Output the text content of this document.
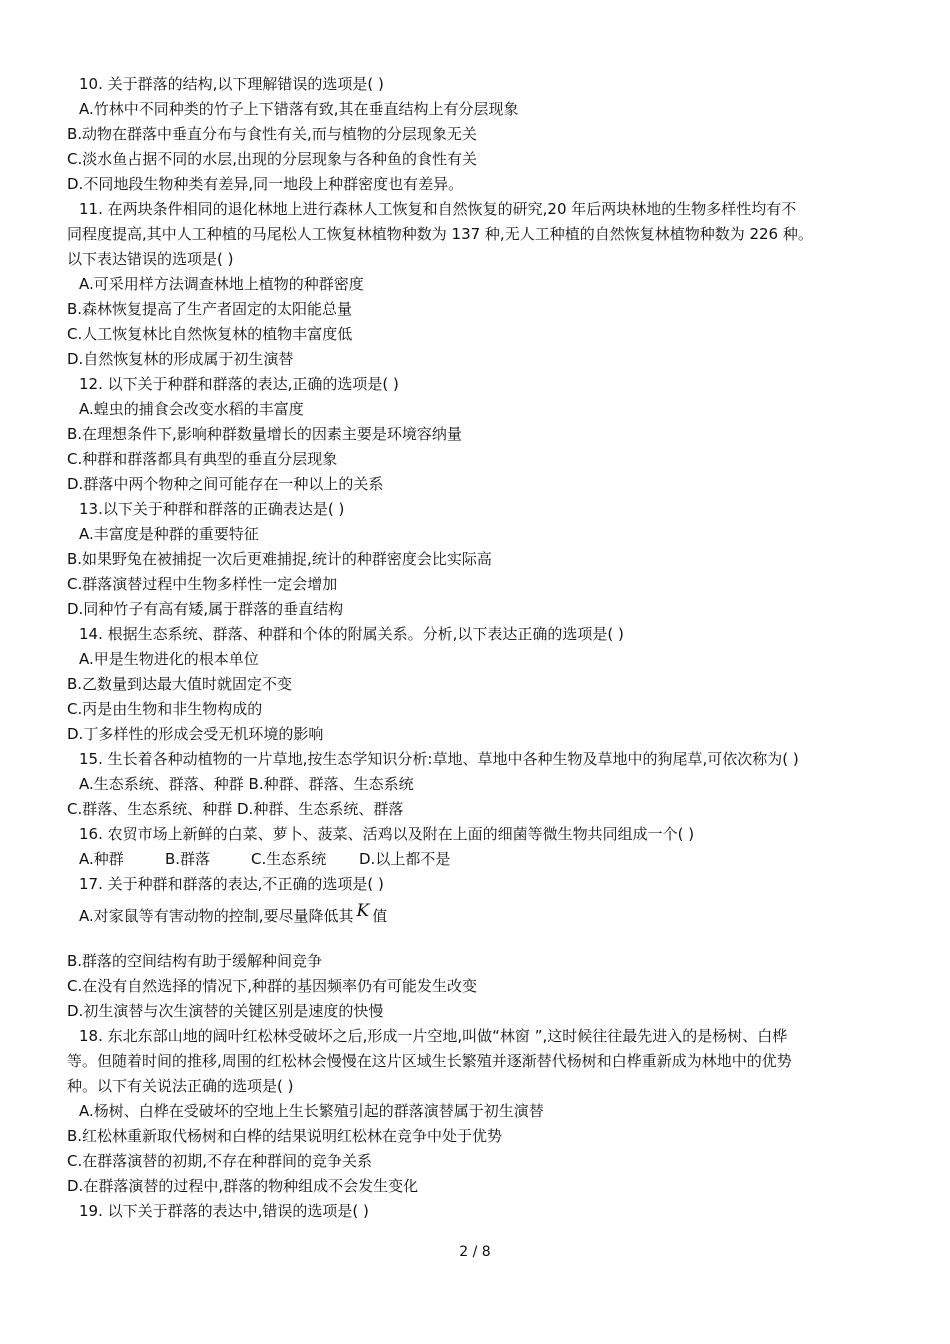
10. 关于群落的结构,以下理解错误的选项是( )
A.竹林中不同种类的竹子上下错落有致,其在垂直结构上有分层现象
B.动物在群落中垂直分布与食性有关,而与植物的分层现象无关
C.淡水鱼占据不同的水层,出现的分层现象与各种鱼的食性有关
D.不同地段生物种类有差异,同一地段上种群密度也有差异。
11. 在两块条件相同的退化林地上进行森林人工恢复和自然恢复的研究,20 年后两块林地的生物多样性均有不
同程度提高,其中人工种植的马尾松人工恢复林植物种数为 137 种,无人工种植的自然恢复林植物种数为 226 种。
以下表达错误的选项是( )
A.可采用样方法调查林地上植物的种群密度
B.森林恢复提高了生产者固定的太阳能总量
C.人工恢复林比自然恢复林的植物丰富度低
D.自然恢复林的形成属于初生演替
12. 以下关于种群和群落的表达,正确的选项是( )
A.蝗虫的捕食会改变水稻的丰富度
B.在理想条件下,影响种群数量增长的因素主要是环境容纳量
C.种群和群落都具有典型的垂直分层现象
D.群落中两个物种之间可能存在一种以上的关系
13.以下关于种群和群落的正确表达是( )
A.丰富度是种群的重要特征
B.如果野兔在被捕捉一次后更难捕捉,统计的种群密度会比实际高
C.群落演替过程中生物多样性一定会增加
D.同种竹子有高有矮,属于群落的垂直结构
14. 根据生态系统、群落、种群和个体的附属关系。分析,以下表达正确的选项是( )
A.甲是生物进化的根本单位
B.乙数量到达最大值时就固定不变
C.丙是由生物和非生物构成的
D.丁多样性的形成会受无机环境的影响
15. 生长着各种动植物的一片草地,按生态学知识分析:草地、草地中各种生物及草地中的狗尾草,可依次称为( )
A.生态系统、群落、种群 B.种群、群落、生态系统
C.群落、生态系统、种群 D.种群、生态系统、群落
16. 农贸市场上新鲜的白菜、萝卜、菠菜、活鸡以及附在上面的细菌等微生物共同组成一个( )
A.种群	B.群落	C.生态系统 D.以上都不是
17. 关于种群和群落的表达,不正确的选项是( )
A.对家鼠等有害动物的控制,要尽量降低其 K 值
B.群落的空间结构有助于缓解种间竞争
C.在没有自然选择的情况下,种群的基因频率仍有可能发生改变
D.初生演替与次生演替的关键区别是速度的快慢
18. 东北东部山地的阔叶红松林受破坏之后,形成一片空地,叫做“林窗 ”,这时候往往最先进入的是杨树、白桦
等。但随着时间的推移,周围的红松林会慢慢在这片区域生长繁殖并逐渐替代杨树和白桦重新成为林地中的优势
种。以下有关说法正确的选项是( )
A.杨树、白桦在受破坏的空地上生长繁殖引起的群落演替属于初生演替
B.红松林重新取代杨树和白桦的结果说明红松林在竞争中处于优势
C.在群落演替的初期,不存在种群间的竞争关系
D.在群落演替的过程中,群落的物种组成不会发生变化
19. 以下关于群落的表达中,错误的选项是( )
2 / 8
